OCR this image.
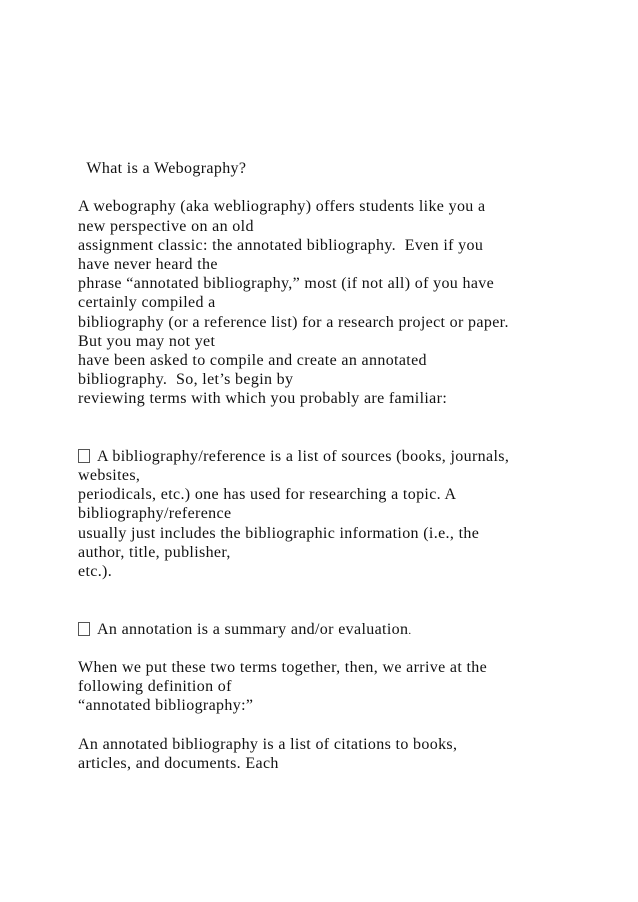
What is a Webography?
A webography (aka webliography) offers students like you a
new perspective on an old
assignment classic: the annotated bibliography.  Even if you
have never heard the
phrase “annotated bibliography,” most (if not all) of you have
certainly compiled a
bibliography (or a reference list) for a research project or paper.
But you may not yet
have been asked to compile and create an annotated
bibliography.  So, let’s begin by
reviewing terms with which you probably are familiar:
A bibliography/reference is a list of sources (books, journals,
websites,
periodicals, etc.) one has used for researching a topic. A
bibliography/reference
usually just includes the bibliographic information (i.e., the
author, title, publisher,
etc.).
An annotation is a summary and/or evaluation.
When we put these two terms together, then, we arrive at the
following definition of
“annotated bibliography:”
An annotated bibliography is a list of citations to books,
articles, and documents. Each
